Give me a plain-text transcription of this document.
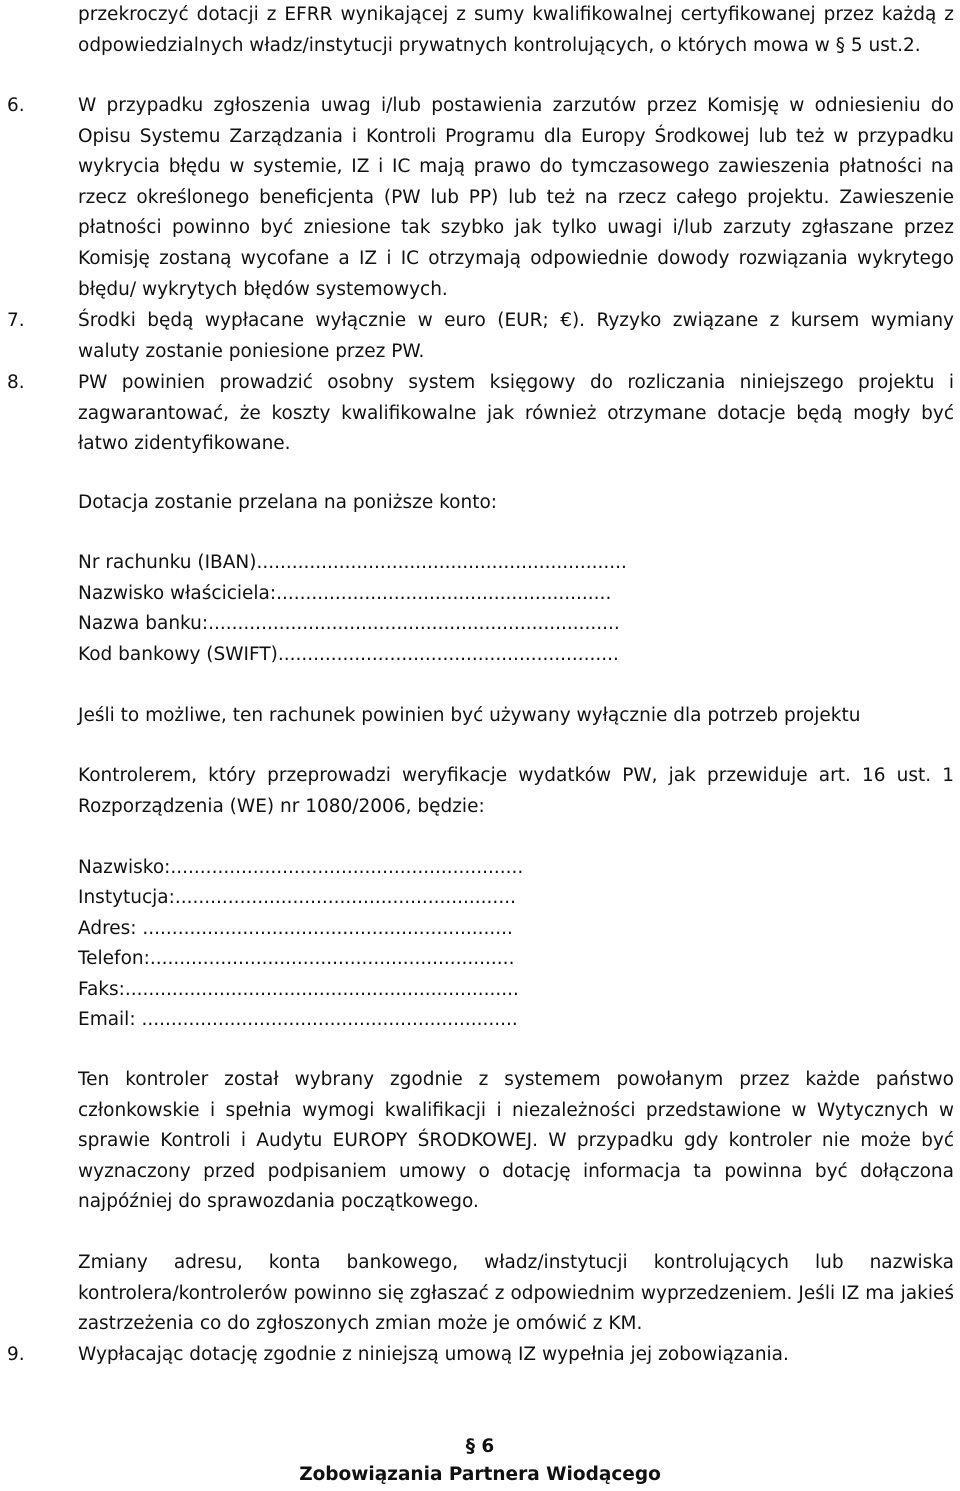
przekroczyć dotacji z EFRR wynikającej z sumy kwalifikowalnej certyfikowanej przez każdą z odpowiedzialnych władz/instytucji prywatnych kontrolujących, o których mowa w § 5 ust.2.

6.	W przypadku zgłoszenia uwag i/lub postawienia zarzutów przez Komisję w odniesieniu do Opisu Systemu Zarządzania i Kontroli Programu dla Europy Środkowej lub też w przypadku wykrycia błędu w systemie, IZ i IC mają prawo do tymczasowego zawieszenia płatności na rzecz określonego beneficjenta (PW lub PP) lub też na rzecz całego projektu. Zawieszenie płatności powinno być zniesione tak szybko jak tylko uwagi i/lub zarzuty zgłaszane przez Komisję zostaną wycofane a IZ i IC otrzymają odpowiednie dowody rozwiązania wykrytego błędu/ wykrytych błędów systemowych.

7.	Środki będą wypłacane wyłącznie w euro (EUR; €). Ryzyko związane z kursem wymiany waluty zostanie poniesione przez PW.

8.	PW powinien prowadzić osobny system księgowy do rozliczania niniejszego projektu i zagwarantować, że koszty kwalifikowalne jak również otrzymane dotacje będą mogły być łatwo zidentyfikowane.

Dotacja zostanie przelana na poniższe konto:

Nr rachunku (IBAN)...............................................................

Nazwisko właściciela:.........................................................

Nazwa banku:......................................................................

Kod bankowy (SWIFT)..........................................................

Jeśli to możliwe, ten rachunek powinien być używany wyłącznie dla potrzeb projektu

Kontrolerem, który przeprowadzi weryfikacje wydatków PW, jak przewiduje art. 16 ust. 1 Rozporządzenia (WE) nr 1080/2006, będzie:

Nazwisko:............................................................

Instytucja:..........................................................

Adres: ...............................................................

Telefon:..............................................................

Faks:...................................................................

Email: ................................................................

Ten kontroler został wybrany zgodnie z systemem powołanym przez każde państwo członkowskie i spełnia wymogi kwalifikacji i niezależności przedstawione w Wytycznych w sprawie Kontroli i Audytu EUROPY ŚRODKOWEJ. W przypadku gdy kontroler nie może być wyznaczony przed podpisaniem umowy o dotację informacja ta powinna być dołączona najpóźniej do sprawozdania początkowego.

Zmiany adresu, konta bankowego, władz/instytucji kontrolujących lub nazwiska kontrolera/kontrolerów powinno się zgłaszać z odpowiednim wyprzedzeniem. Jeśli IZ ma jakieś zastrzeżenia co do zgłoszonych zmian może je omówić z KM.

9.	Wypłacając dotację zgodnie z niniejszą umową IZ wypełnia jej zobowiązania.

§ 6

Zobowiązania Partnera Wiodącego
